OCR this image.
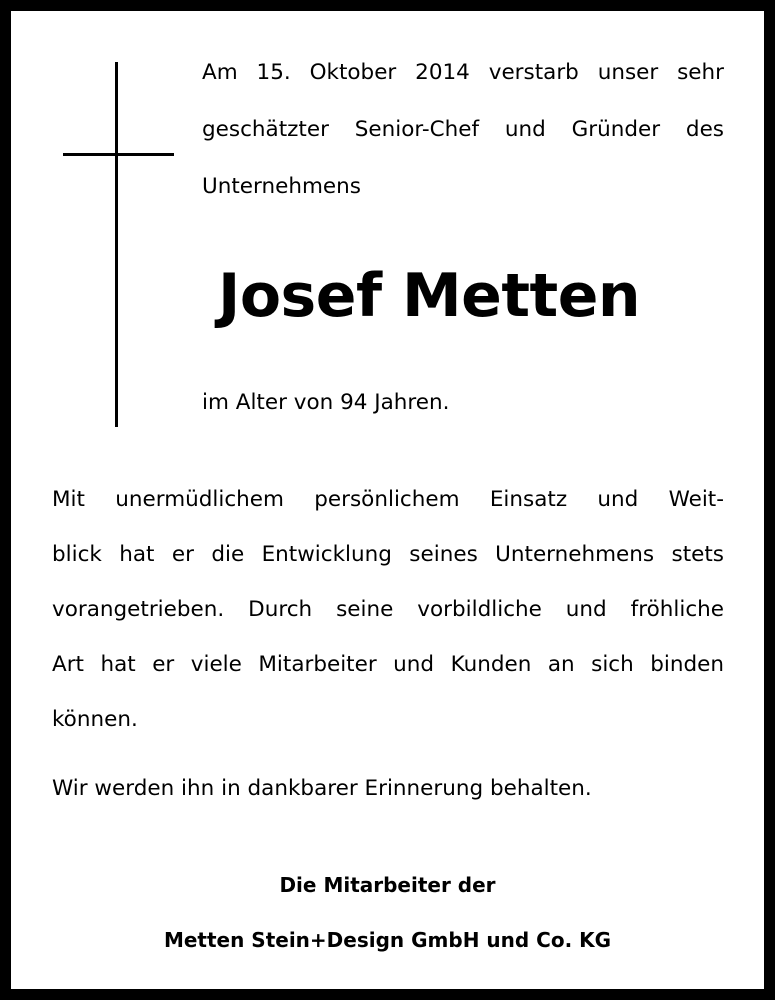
Am 15. Oktober 2014 verstarb unser sehr
geschätzter Senior-Chef und Gründer des
Unternehmens

Josef Metten

im Alter von 94 Jahren.

Mit unermüdlichem persönlichem Einsatz und Weit-
blick hat er die Entwicklung seines Unternehmens stets
vorangetrieben. Durch seine vorbildliche und fröhliche
Art hat er viele Mitarbeiter und Kunden an sich binden
können.

Wir werden ihn in dankbarer Erinnerung behalten.

Die Mitarbeiter der

Metten Stein+Design GmbH und Co. KG
